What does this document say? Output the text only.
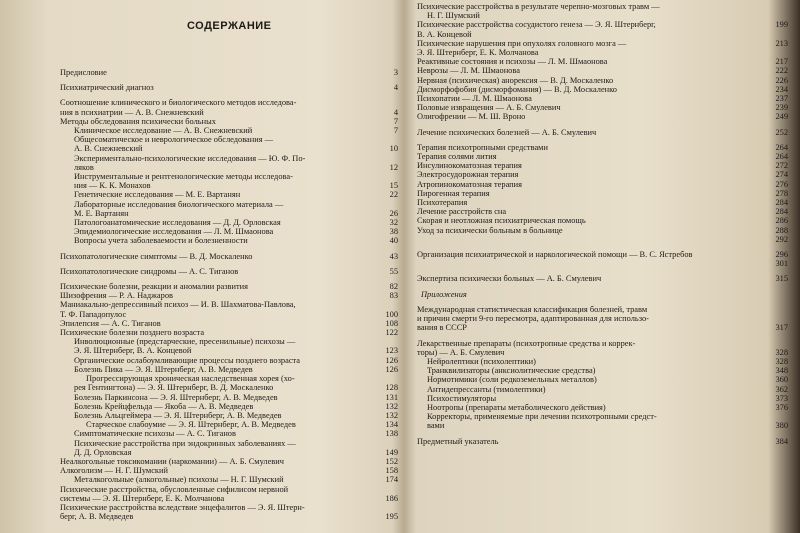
СОДЕРЖАНИЕ
Предисловие	3
Психиатрический диагноз	4
Соотношение клинического и биологического методов исследова-
ния в психиатрии — А. В. Снежневский	4
Методы обследования психически больных	7
Клиническое исследование — А. В. Снежневский	7
Общесоматическое и неврологическое обследования —
А. В. Снежневский	10
Экспериментально-психологические исследования — Ю. Ф. По-
ляков	12
Инструментальные и рентгенологические методы исследова-
ния — К. К. Монахов	15
Генетические исследования — М. Е. Вартанян	22
Лабораторные исследования биологического материала —
М. Е. Вартанян	26
Патологоанатомические исследования — Д. Д. Орловская	32
Эпидемиологические исследования — Л. М. Шмаонова	38
Вопросы учета заболеваемости и болезненности	40
Психопатологические симптомы — В. Д. Москаленко	43
Психопатологические синдромы — А. С. Тиганов	55
Психические болезни, реакции и аномалии развития	82
Шизофрения — Р. А. Наджаров	83
Маниакально-депрессивный психоз — И. В. Шахматова-Павлова,
Т. Ф. Пападопулос	100
Эпилепсия — А. С. Тиганов	108
Психические болезни позднего возраста	122
Инволюционные (предстарческие, пресенильные) психозы —
Э. Я. Штернберг, В. А. Концевой	123
Органические ослабоумливающие процессы позднего возраста	126
Болезнь Пика — Э. Я. Штернберг, А. В. Медведев	126
Прогрессирующая хроническая наследственная хорея (хо-
рея Гентингтона) — Э. Я. Штернберг, В. Д. Москаленко	128
Болезнь Паркинсона — Э. Я. Штернберг, А. В. Медведев	131
Болезнь Крейцфельда — Якоба — А. В. Медведев	132
Болезнь Альцгеймера — Э. Я. Штернберг, А. В. Медведев	132
Старческое слабоумие — Э. Я. Штернберг, А. В. Медведев	134
Симптоматические психозы — А. С. Тиганов	138
Психические расстройства при эндокринных заболеваниях —
Д. Д. Орловская	149
Неалкогольные токсикомании (наркомании) — А. Б. Смулевич	152
Алкоголизм — Н. Г. Шумский	158
Металкогольные (алкогольные) психозы — Н. Г. Шумский	174
Психические расстройства, обусловленные сифилисом нервной
системы — Э. Я. Штернберг, Е. К. Молчанова	186
Психические расстройства вследствие энцефалитов — Э. Я. Штерн-
берг, А. В. Медведев	195
Психические расстройства в результате черепно-мозговых травм —
Н. Г. Шумский
Психические расстройства сосудистого генеза — Э. Я. Штернберг,	199
В. А. Концевой
Психические нарушения при опухолях головного мозга —	213
Э. Я. Штернберг, Е. К. Молчанова
Реактивные состояния и психозы — Л. М. Шмаонова	217
Неврозы — Л. М. Шмаонова	222
Нервная (психическая) анорексия — В. Д. Москаленко	226
Дисморфофобия (дисморфомания) — В. Д. Москаленко	234
Психопатии — Л. М. Шмаонова	237
Половые извращения — А. Б. Смулевич	239
Олигофрении — М. Ш. Вроно	249
Лечение психических болезней — А. Б. Смулевич	252
Терапия психотропными средствами	264
Терапия солями лития	264
Инсулинокоматозная терапия	272
Электросудорожная терапия	274
Атропинокоматозная терапия	276
Пирогенная терапия	278
Психотерапия	284
Лечение расстройств сна	284
Скорая и неотложная психиатрическая помощь	286
Уход за психически больным в больнице	288
292
Организация психиатрической и наркологической помощи — В. С. Ястребов	296
301
Экспертиза психически больных — А. Б. Смулевич	315
Приложения
Международная статистическая классификация болезней, травм
и причин смерти 9-го пересмотра, адаптированная для использо-
вания в СССР	317
Лекарственные препараты (психотропные средства и коррек-
торы) — А. Б. Смулевич	328
Нейролептики (психолептики)	328
Транквилизаторы (анксиолитические средства)	348
Нормотимики (соли редкоземельных металлов)	360
Антидепрессанты (тимолептики)	362
Психостимуляторы	373
Ноотропы (препараты метаболического действия)	376
Корректоры, применяемые при лечении психотропными средст-
вами	380
Предметный указатель	384
